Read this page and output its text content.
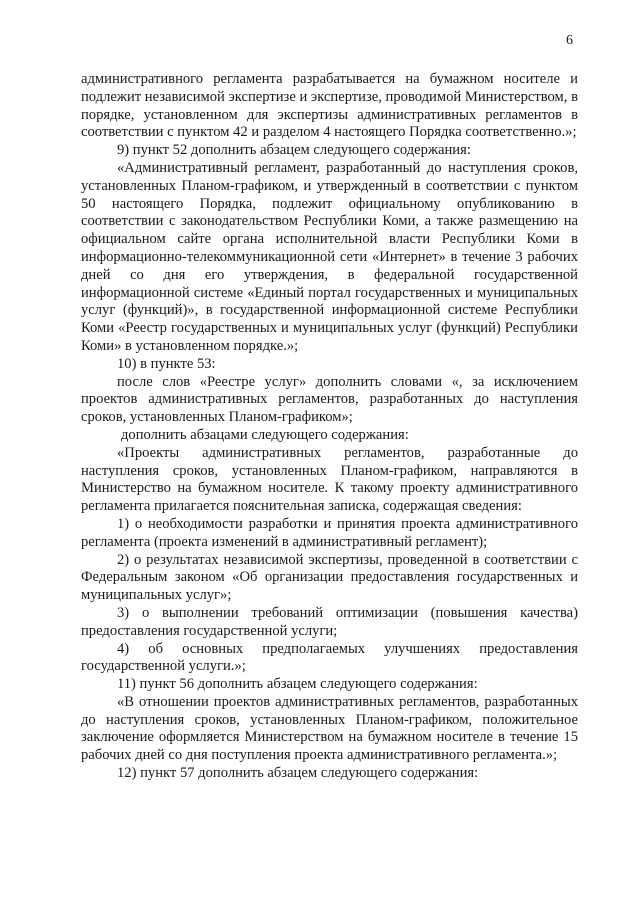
6

административного регламента разрабатывается на бумажном носителе и подлежит независимой экспертизе и экспертизе, проводимой Министерством, в порядке, установленном для экспертизы административных регламентов в соответствии с пунктом 42 и разделом 4 настоящего Порядка соответственно.»;

9) пункт 52 дополнить абзацем следующего содержания:

«Административный регламент, разработанный до наступления сроков, установленных Планом-графиком, и утвержденный в соответствии с пунктом 50 настоящего Порядка, подлежит официальному опубликованию в соответствии с законодательством Республики Коми, а также размещению на официальном сайте органа исполнительной власти Республики Коми в информационно-телекоммуникационной сети «Интернет» в течение 3 рабочих дней со дня его утверждения, в федеральной государственной информационной системе «Единый портал государственных и муниципальных услуг (функций)», в государственной информационной системе Республики Коми «Реестр государственных и муниципальных услуг (функций) Республики Коми» в установленном порядке.»;

10) в пункте 53:

после слов «Реестре услуг» дополнить словами «, за исключением проектов административных регламентов, разработанных до наступления сроков, установленных Планом-графиком»;

дополнить абзацами следующего содержания:

«Проекты административных регламентов, разработанные до наступления сроков, установленных Планом-графиком, направляются в Министерство на бумажном носителе. К такому проекту административного регламента прилагается пояснительная записка, содержащая сведения:

1) о необходимости разработки и принятия проекта административного регламента (проекта изменений в административный регламент);

2) о результатах независимой экспертизы, проведенной в соответствии с Федеральным законом «Об организации предоставления государственных и муниципальных услуг»;

3) о выполнении требований оптимизации (повышения качества) предоставления государственной услуги;

4) об основных предполагаемых улучшениях предоставления государственной услуги.»;

11) пункт 56 дополнить абзацем следующего содержания:

«В отношении проектов административных регламентов, разработанных до наступления сроков, установленных Планом-графиком, положительное заключение оформляется Министерством на бумажном носителе в течение 15 рабочих дней со дня поступления проекта административного регламента.»;

12) пункт 57 дополнить абзацем следующего содержания:
